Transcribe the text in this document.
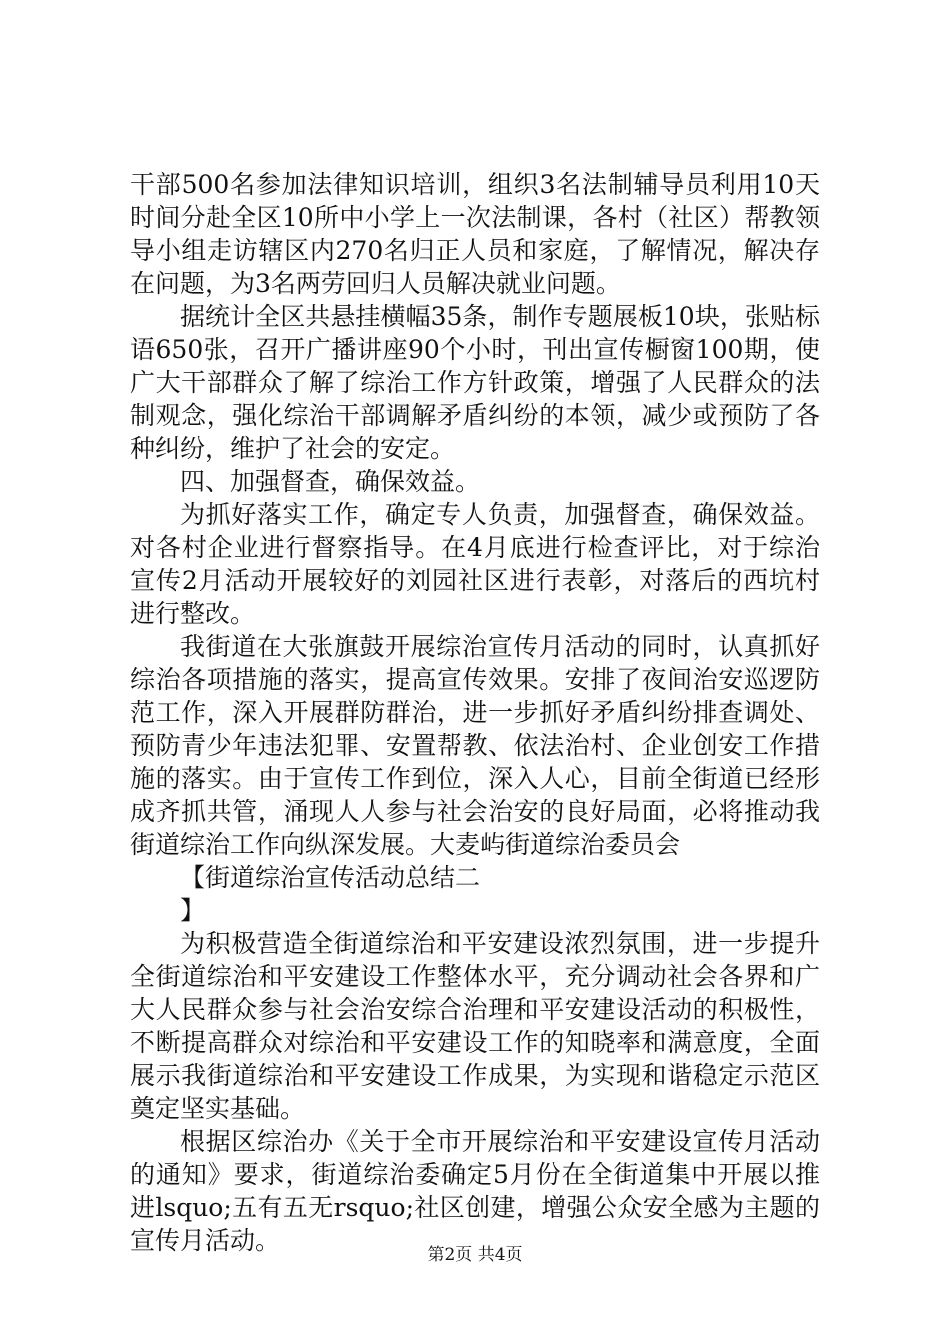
干部500名参加法律知识培训，组织3名法制辅导员利用10天时间分赴全区10所中小学上一次法制课，各村（社区）帮教领导小组走访辖区内270名归正人员和家庭，了解情况，解决存在问题，为3名两劳回归人员解决就业问题。

据统计全区共悬挂横幅35条，制作专题展板10块，张贴标语650张，召开广播讲座90个小时，刊出宣传橱窗100期，使广大干部群众了解了综治工作方针政策，增强了人民群众的法制观念，强化综治干部调解矛盾纠纷的本领，减少或预防了各种纠纷，维护了社会的安定。

四、加强督查，确保效益。

为抓好落实工作，确定专人负责，加强督查，确保效益。对各村企业进行督察指导。在4月底进行检查评比，对于综治宣传2月活动开展较好的刘园社区进行表彰，对落后的西坑村进行整改。

我街道在大张旗鼓开展综治宣传月活动的同时，认真抓好综治各项措施的落实，提高宣传效果。安排了夜间治安巡逻防范工作，深入开展群防群治，进一步抓好矛盾纠纷排查调处、预防青少年违法犯罪、安置帮教、依法治村、企业创安工作措施的落实。由于宣传工作到位，深入人心，目前全街道已经形成齐抓共管，涌现人人参与社会治安的良好局面，必将推动我街道综治工作向纵深发展。大麦屿街道综治委员会

【街道综治宣传活动总结二

】

为积极营造全街道综治和平安建设浓烈氛围，进一步提升全街道综治和平安建设工作整体水平，充分调动社会各界和广大人民群众参与社会治安综合治理和平安建设活动的积极性，不断提高群众对综治和平安建设工作的知晓率和满意度，全面展示我街道综治和平安建设工作成果，为实现和谐稳定示范区奠定坚实基础。

根据区综治办《关于全市开展综治和平安建设宣传月活动的通知》要求，街道综治委确定5月份在全街道集中开展以推进lsquo;五有五无rsquo;社区创建，增强公众安全感为主题的宣传月活动。	第2页 共4页
